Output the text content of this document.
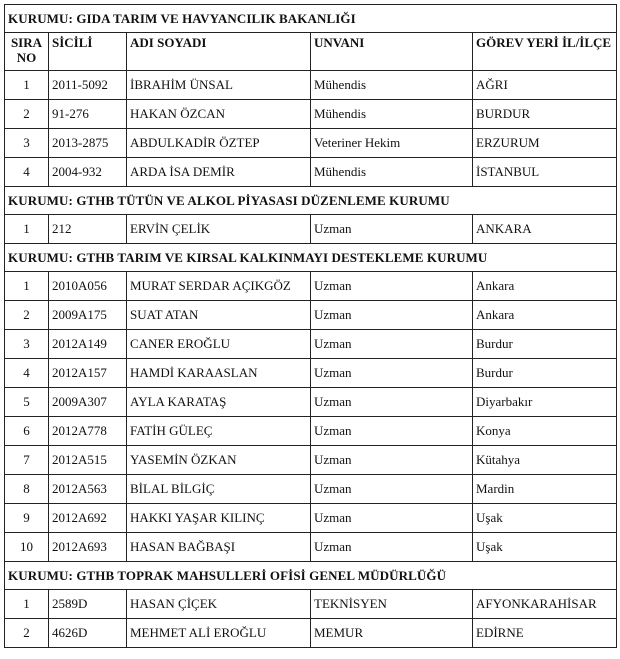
KURUMU: GIDA TARIM VE HAVYANCILIK BAKANLIĞI				
SIRA NO	SİCİLİ	ADI SOYADI	UNVANI	GÖREV YERİ İL/İLÇE
1	2011-5092	İBRAHİM ÜNSAL	Mühendis	AĞRI
2	91-276	HAKAN ÖZCAN	Mühendis	BURDUR
3	2013-2875	ABDULKADİR ÖZTEP	Veteriner Hekim	ERZURUM
4	2004-932	ARDA İSA DEMİR	Mühendis	İSTANBUL
KURUMU: GTHB TÜTÜN VE ALKOL PİYASASI DÜZENLEME KURUMU				
1	212	ERVİN ÇELİK	Uzman	ANKARA
KURUMU: GTHB TARIM VE KIRSAL KALKINMAYI DESTEKLEME KURUMU				
1	2010A056	MURAT SERDAR AÇIKGÖZ	Uzman	Ankara
2	2009A175	SUAT ATAN	Uzman	Ankara
3	2012A149	CANER EROĞLU	Uzman	Burdur
4	2012A157	HAMDİ KARAASLAN	Uzman	Burdur
5	2009A307	AYLA KARATAŞ	Uzman	Diyarbakır
6	2012A778	FATİH GÜLEÇ	Uzman	Konya
7	2012A515	YASEMİN ÖZKAN	Uzman	Kütahya
8	2012A563	BİLAL BİLGİÇ	Uzman	Mardin
9	2012A692	HAKKI YAŞAR KILINÇ	Uzman	Uşak
10	2012A693	HASAN BAĞBAŞI	Uzman	Uşak
KURUMU: GTHB TOPRAK MAHSULLERİ OFİSİ GENEL MÜDÜRLÜĞÜ				
1	2589D	HASAN ÇİÇEK	TEKNİSYEN	AFYONKARAHİSAR
2	4626D	MEHMET ALİ EROĞLU	MEMUR	EDİRNE
